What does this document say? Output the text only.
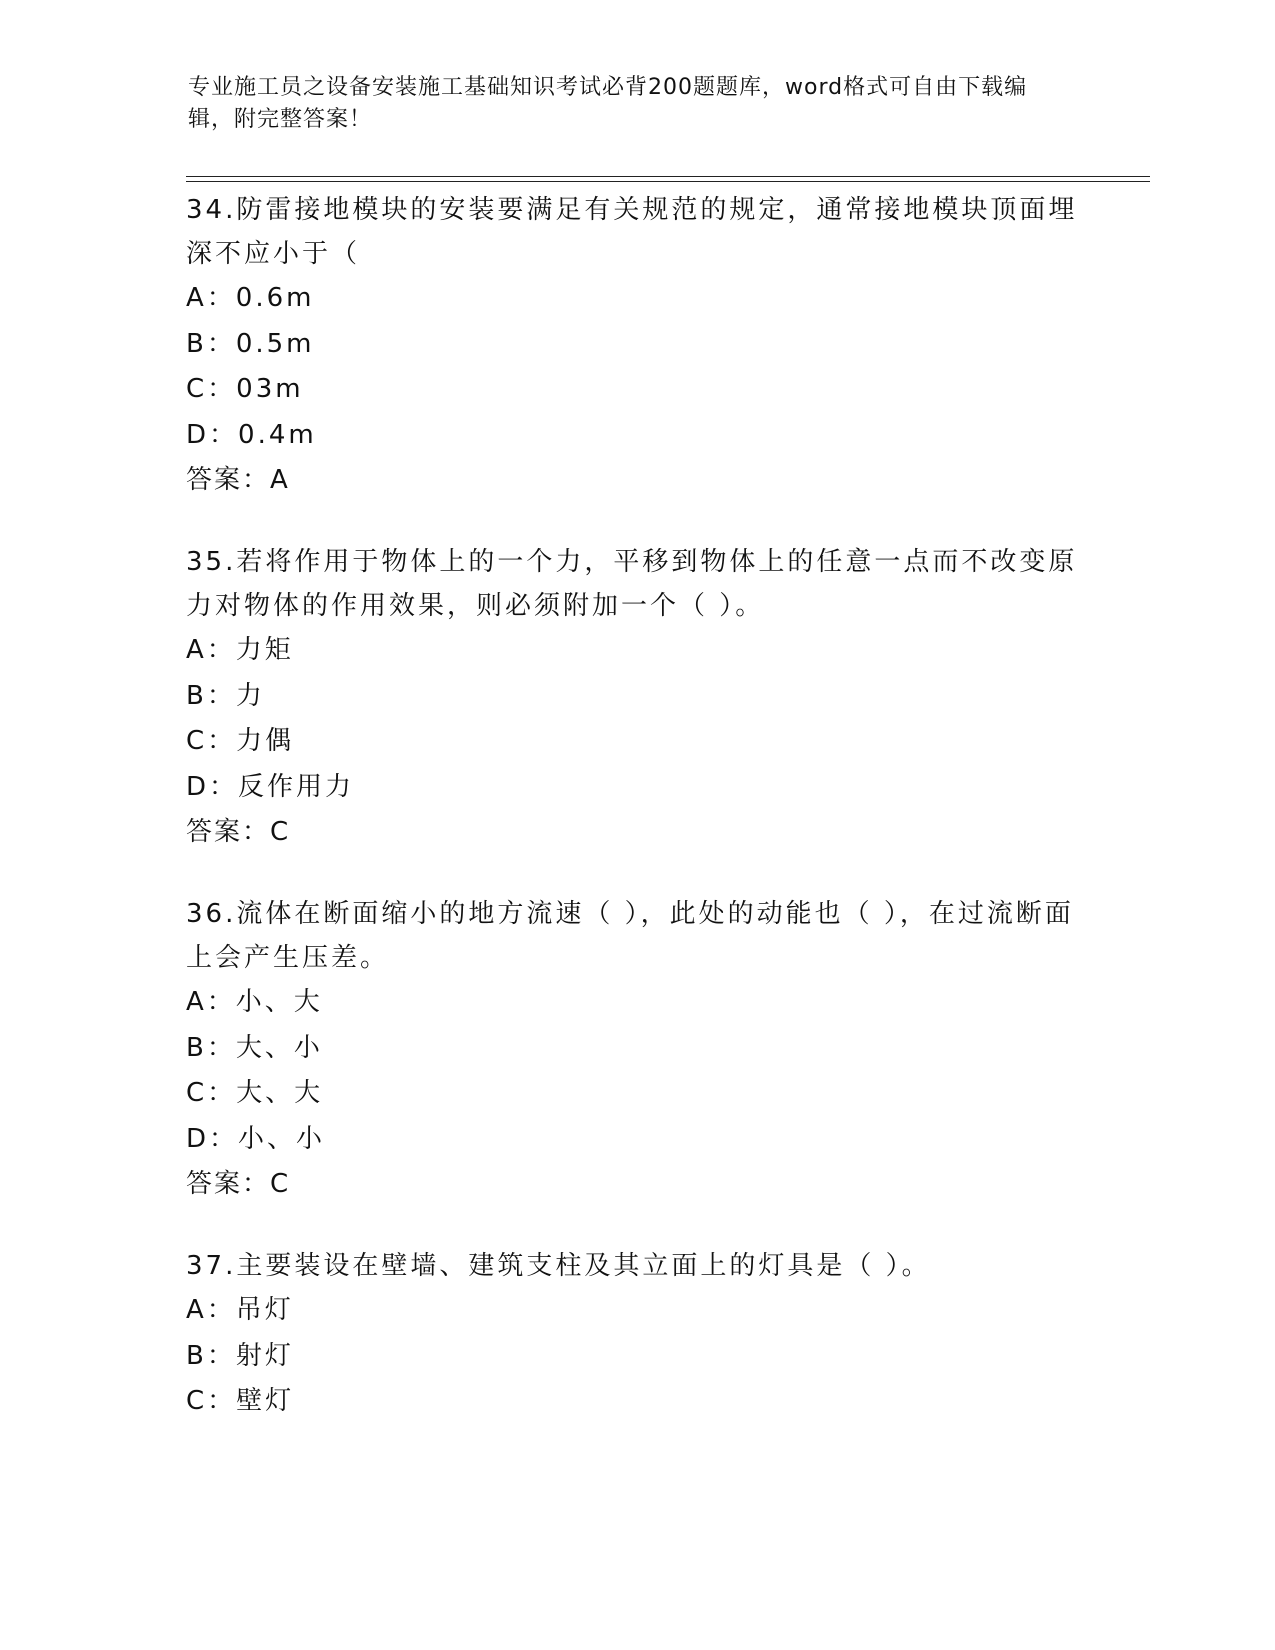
专业施工员之设备安装施工基础知识考试必背200题题库，word格式可自由下载编辑，附完整答案！

34.防雷接地模块的安装要满足有关规范的规定，通常接地模块顶面埋深不应小于（

A：0.6m

B：0.5m

C：03m

D：0.4m

答案：A

35.若将作用于物体上的一个力，平移到物体上的任意一点而不改变原力对物体的作用效果，则必须附加一个（ ）。

A：力矩

B：力

C：力偶

D：反作用力

答案：C

36.流体在断面缩小的地方流速（ ），此处的动能也（ ），在过流断面上会产生压差。

A：小、大

B：大、小

C：大、大

D：小、小

答案：C

37.主要装设在壁墙、建筑支柱及其立面上的灯具是（ ）。

A：吊灯

B：射灯

C：壁灯
